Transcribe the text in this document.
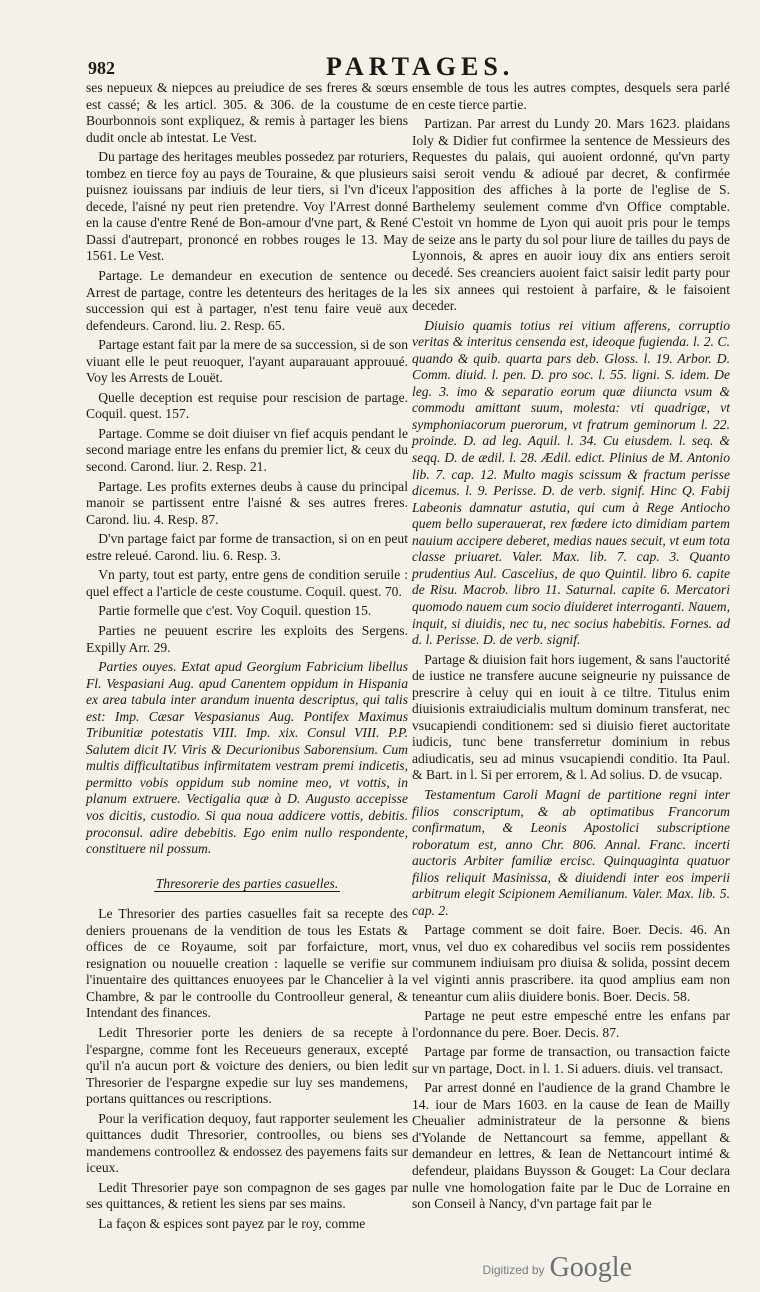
982	PARTAGES.

ses nepueux & niepces au preiudice de ses freres & sœurs est cassé; & les articl. 305. & 306. de la coustume de Bourbonnois sont expliquez, & remis à partager les biens dudit oncle ab intestat. Le Vest.

Du partage des heritages meubles possedez par roturiers, tombez en tierce foy au pays de Touraine, & que plusieurs puisnez iouissans par indiuis de leur tiers, si l'vn d'iceux decede, l'aisné ny peut rien pretendre. Voy l'Arrest donné en la cause d'entre René de Bon-amour d'vne part, & René Dassi d'autrepart, prononcé en robbes rouges le 13. May 1561. Le Vest.

Partage. Le demandeur en execution de sentence ou Arrest de partage, contre les detenteurs des heritages de la succession qui est à partager, n'est tenu faire veuë aux defendeurs. Carond. liu. 2. Resp. 65.

Partage estant fait par la mere de sa succession, si de son viuant elle le peut reuoquer, l'ayant auparauant approuué. Voy les Arrests de Louët.

Quelle deception est requise pour rescision de partage. Coquil. quest. 157.

Partage. Comme se doit diuiser vn fief acquis pendant le second mariage entre les enfans du premier lict, & ceux du second. Carond. liur. 2. Resp. 21.

Partage. Les profits externes deubs à cause du principal manoir se partissent entre l'aisné & ses autres freres. Carond. liu. 4. Resp. 87.

D'vn partage faict par forme de transaction, si on en peut estre releué. Carond. liu. 6. Resp. 3.

Vn party, tout est party, entre gens de condition seruile : quel effect a l'article de ceste coustume. Coquil. quest. 70.

Partie formelle que c'est. Voy Coquil. question 15.

Parties ne peuuent escrire les exploits des Sergens. Expilly Arr. 29.

Parties ouyes. Extat apud Georgium Fabricium libellus Fl. Vespasiani Aug. apud Canentem oppidum in Hispania ex area tabula inter arandum inuenta descriptus, qui talis est: Imp. Cæsar Vespasianus Aug. Pontifex Maximus Tribunitiæ potestatis VIII. Imp. xix. Consul VIII. P.P. Salutem dicit IV. Viris & Decurionibus Saborensium. Cum multis difficultatibus infirmitatem vestram premi indicetis, permitto vobis oppidum sub nomine meo, vt vottis, in planum extruere. Vectigalia quæ à D. Augusto accepisse vos dicitis, custodio. Si qua noua addicere vottis, debitis. proconsul. adire debebitis. Ego enim nullo respondente, constituere nil possum.

Thresorerie des parties casuelles.

Le Thresorier des parties casuelles fait sa recepte des deniers prouenans de la vendition de tous les Estats & offices de ce Royaume, soit par forfaicture, mort, resignation ou nouuelle creation : laquelle se verifie sur l'inuentaire des quittances enuoyees par le Chancelier à la Chambre, & par le controolle du Controolleur general, & Intendant des finances.

Ledit Thresorier porte les deniers de sa recepte à l'espargne, comme font les Receueurs generaux, excepté qu'il n'a aucun port & voicture des deniers, ou bien ledit Thresorier de l'espargne expedie sur luy ses mandemens, portans quittances ou rescriptions.

Pour la verification dequoy, faut rapporter seulement les quittances dudit Thresorier, controolles, ou biens ses mandemens controollez & endossez des payemens faits sur iceux.

Ledit Thresorier paye son compagnon de ses gages par ses quittances, & retient les siens par ses mains.

La façon & espices sont payez par le roy, comme

ensemble de tous les autres comptes, desquels sera parlé en ceste tierce partie.

Partizan. Par arrest du Lundy 20. Mars 1623. plaidans Ioly & Didier fut confirmee la sentence de Messieurs des Requestes du palais, qui auoient ordonné, qu'vn party saisi seroit vendu & adioué par decret, & confirmée l'apposition des affiches à la porte de l'eglise de S. Barthelemy seulement comme d'vn Office comptable. C'estoit vn homme de Lyon qui auoit pris pour le temps de seize ans le party du sol pour liure de tailles du pays de Lyonnois, & apres en auoir iouy dix ans entiers seroit decedé. Ses creanciers auoient faict saisir ledit party pour les six annees qui restoient à parfaire, & le faisoient deceder.

Diuisio quamis totius rei vitium afferens, corruptio veritas & interitus censenda est, ideoque fugienda. l. 2. C. quando & quib. quarta pars deb. Gloss. l. 19. Arbor. D. Comm. diuid. l. pen. D. pro soc. l. 55. ligni. S. idem. De leg. 3. imo & separatio eorum quæ diiuncta vsum & commodu amittant suum, molesta: vti quadrigæ, vt symphoniacorum puerorum, vt fratrum geminorum l. 22. proinde. D. ad leg. Aquil. l. 34. Cu eiusdem. l. seq. & seqq. D. de ædil. l. 28. Ædil. edict. Plinius de M. Antonio lib. 7. cap. 12. Multo magis scissum & fractum perisse dicemus. l. 9. Perisse. D. de verb. signif. Hinc Q. Fabij Labeonis damnatur astutia, qui cum à Rege Antiocho quem bello superauerat, rex fœdere icto dimidiam partem nauium accipere deberet, medias naues secuit, vt eum tota classe priuaret. Valer. Max. lib. 7. cap. 3. Quanto prudentius Aul. Cascelius, de quo Quintil. libro 6. capite de Risu. Macrob. libro 11. Saturnal. capite 6. Mercatori quomodo nauem cum socio diuideret interroganti. Nauem, inquit, si diuidis, nec tu, nec socius habebitis. Fornes. ad d. l. Perisse. D. de verb. signif.

Partage & diuision fait hors iugement, & sans l'auctorité de iustice ne transfere aucune seigneurie ny puissance de prescrire à celuy qui en iouit à ce tiltre. Titulus enim diuisionis extraiudicialis multum dominum transferat, nec vsucapiendi conditionem: sed si diuisio fieret auctoritate iudicis, tunc bene transferretur dominium in rebus adiudicatis, seu ad minus vsucapiendi conditio. Ita Paul. & Bart. in l. Si per errorem, & l. Ad solius. D. de vsucap.

Testamentum Caroli Magni de partitione regni inter filios conscriptum, & ab optimatibus Francorum confirmatum, & Leonis Apostolici subscriptione roboratum est, anno Chr. 806. Annal. Franc. incerti auctoris Arbiter familiæ ercisc. Quinquaginta quatuor filios reliquit Masinissa, & diuidendi inter eos imperii arbitrum elegit Scipionem Aemilianum. Valer. Max. lib. 5. cap. 2.

Partage comment se doit faire. Boer. Decis. 46. An vnus, vel duo ex coharedibus vel sociis rem possidentes communem indiuisam pro diuisa & solida, possint decem vel viginti annis prascribere. ita quod amplius eam non teneantur cum aliis diuidere bonis. Boer. Decis. 58.

Partage ne peut estre empesché entre les enfans par l'ordonnance du pere. Boer. Decis. 87.

Partage par forme de transaction, ou transaction faicte sur vn partage, Doct. in l. 1. Si aduers. diuis. vel transact.

Par arrest donné en l'audience de la grand Chambre le 14. iour de Mars 1603. en la cause de Iean de Mailly Cheualier administrateur de la personne & biens d'Yolande de Nettancourt sa femme, appellant & demandeur en lettres, & Iean de Nettancourt intimé & defendeur, plaidans Buysson & Gouget: La Cour declara nulle vne homologation faite par le Duc de Lorraine en son Conseil à Nancy, d'vn partage fait par le

Digitized by Google
